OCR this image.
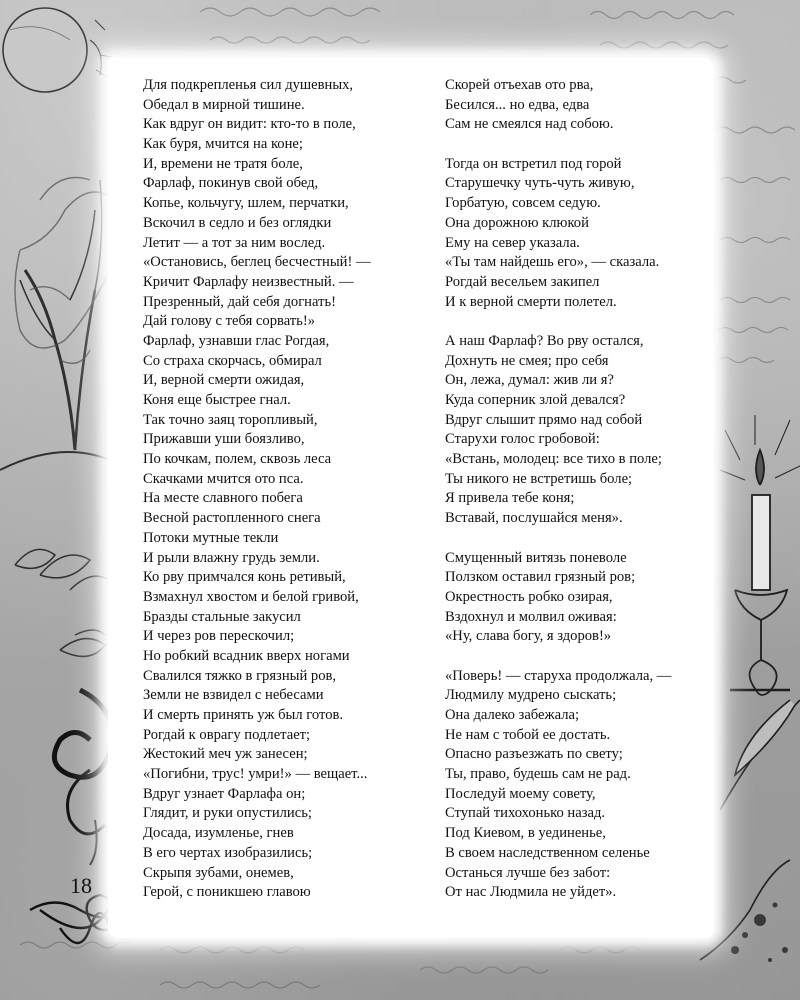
Для подкрепленья сил душевных,
Обедал в мирной тишине.
Как вдруг он видит: кто-то в поле,
Как буря, мчится на коне;
И, времени не тратя боле,
Фарлаф, покинув свой обед,
Копье, кольчугу, шлем, перчатки,
Вскочил в седло и без оглядки
Летит — а тот за ним вослед.
«Остановись, беглец бесчестный! —
Кричит Фарлафу неизвестный. —
Презренный, дай себя догнать!
Дай голову с тебя сорвать!»
Фарлаф, узнавши глас Рогдая,
Со страха скорчась, обмирал
И, верной смерти ожидая,
Коня еще быстрее гнал.
Так точно заяц торопливый,
Прижавши уши боязливо,
По кочкам, полем, сквозь леса
Скачками мчится ото пса.
На месте славного побега
Весной растопленного снега
Потоки мутные текли
И рыли влажну грудь земли.
Ко рву примчался конь ретивый,
Взмахнул хвостом и белой гривой,
Бразды стальные закусил
И через ров перескочил;
Но робкий всадник вверх ногами
Свалился тяжко в грязный ров,
Земли не взвидел с небесами
И смерть принять уж был готов.
Рогдай к оврагу подлетает;
Жестокий меч уж занесен;
«Погибни, трус! умри!» — вещает...
Вдруг узнает Фарлафа он;
Глядит, и руки опустились;
Досада, изумленье, гнев
В его чертах изобразились;
Скрыпя зубами, онемев,
Герой, с поникшею главою
Скорей отъехав ото рва,
Бесился... но едва, едва
Сам не смеялся над собою.
Тогда он встретил под горой
Старушечку чуть-чуть живую,
Горбатую, совсем седую.
Она дорожною клюкой
Ему на север указала.
«Ты там найдешь его», — сказала.
Рогдай весельем закипел
И к верной смерти полетел.
А наш Фарлаф? Во рву остался,
Дохнуть не смея; про себя
Он, лежа, думал: жив ли я?
Куда соперник злой девался?
Вдруг слышит прямо над собой
Старухи голос гробовой:
«Встань, молодец: все тихо в поле;
Ты никого не встретишь боле;
Я привела тебе коня;
Вставай, послушайся меня».
Смущенный витязь поневоле
Ползком оставил грязный ров;
Окрестность робко озирая,
Вздохнул и молвил оживая:
«Ну, слава богу, я здоров!»
«Поверь! — старуха продолжала, —
Людмилу мудрено сыскать;
Она далеко забежала;
Не нам с тобой ее достать.
Опасно разъезжать по свету;
Ты, право, будешь сам не рад.
Последуй моему совету,
Ступай тихохонько назад.
Под Киевом, в уединенье,
В своем наследственном селенье
Останься лучше без забот:
От нас Людмила не уйдет».
18
